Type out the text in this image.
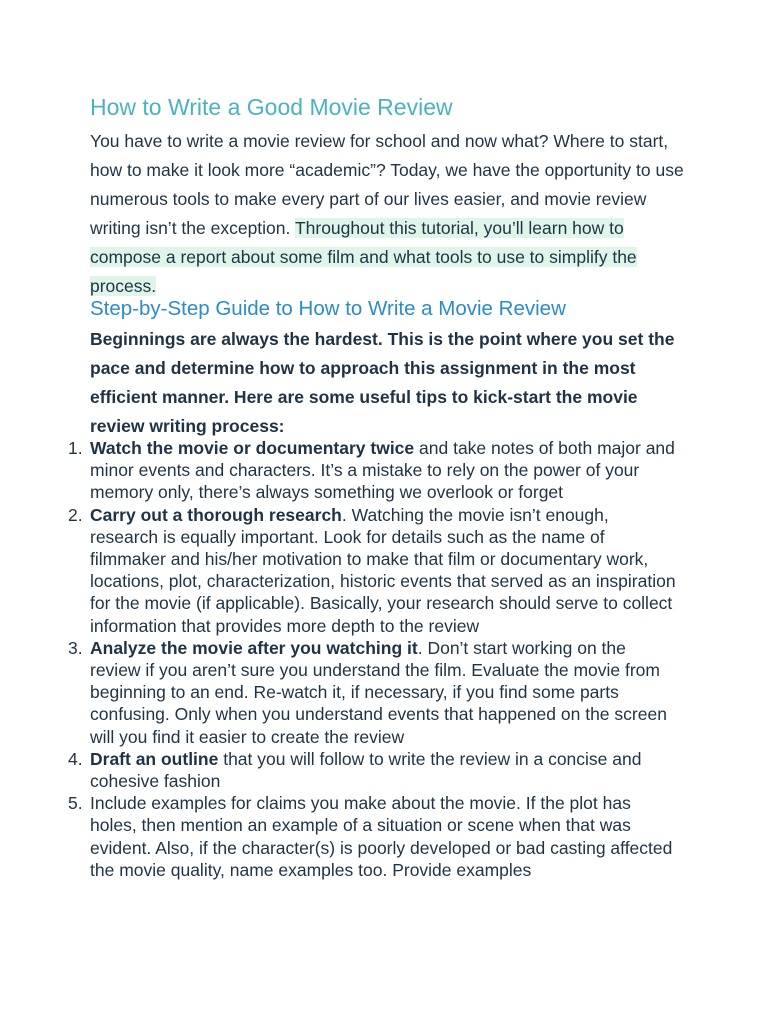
How to Write a Good Movie Review

You have to write a movie review for school and now what? Where to start, how to make it look more “academic”? Today, we have the opportunity to use numerous tools to make every part of our lives easier, and movie review writing isn’t the exception. Throughout this tutorial, you’ll learn how to compose a report about some film and what tools to use to simplify the process.

Step-by-Step Guide to How to Write a Movie Review

Beginnings are always the hardest. This is the point where you set the pace and determine how to approach this assignment in the most efficient manner. Here are some useful tips to kick-start the movie review writing process:

1. Watch the movie or documentary twice and take notes of both major and minor events and characters. It’s a mistake to rely on the power of your memory only, there’s always something we overlook or forget
2. Carry out a thorough research. Watching the movie isn’t enough, research is equally important. Look for details such as the name of filmmaker and his/her motivation to make that film or documentary work, locations, plot, characterization, historic events that served as an inspiration for the movie (if applicable). Basically, your research should serve to collect information that provides more depth to the review
3. Analyze the movie after you watching it. Don’t start working on the review if you aren’t sure you understand the film. Evaluate the movie from beginning to an end. Re-watch it, if necessary, if you find some parts confusing. Only when you understand events that happened on the screen will you find it easier to create the review
4. Draft an outline that you will follow to write the review in a concise and cohesive fashion
5. Include examples for claims you make about the movie. If the plot has holes, then mention an example of a situation or scene when that was evident. Also, if the character(s) is poorly developed or bad casting affected the movie quality, name examples too. Provide examples
